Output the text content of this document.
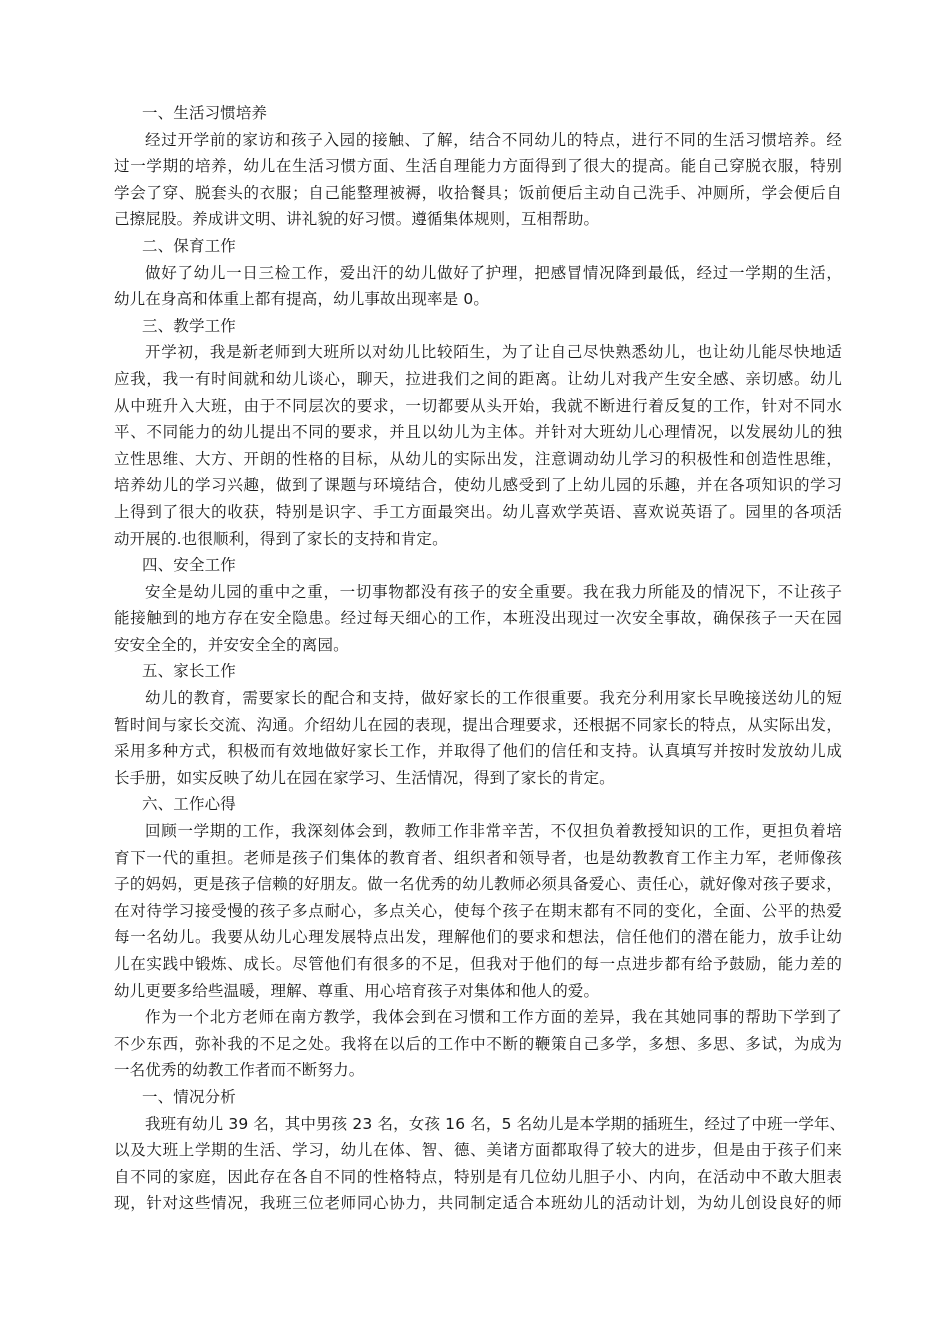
一、生活习惯培养
经过开学前的家访和孩子入园的接触、了解，结合不同幼儿的特点，进行不同的生活习惯培养。经
过一学期的培养，幼儿在生活习惯方面、生活自理能力方面得到了很大的提高。能自己穿脱衣服，特别
学会了穿、脱套头的衣服；自己能整理被褥，收拾餐具；饭前便后主动自己洗手、冲厕所，学会便后自
己擦屁股。养成讲文明、讲礼貌的好习惯。遵循集体规则，互相帮助。
二、保育工作
做好了幼儿一日三检工作，爱出汗的幼儿做好了护理，把感冒情况降到最低，经过一学期的生活，
幼儿在身高和体重上都有提高，幼儿事故出现率是 0。
三、教学工作
开学初，我是新老师到大班所以对幼儿比较陌生，为了让自己尽快熟悉幼儿，也让幼儿能尽快地适
应我，我一有时间就和幼儿谈心，聊天，拉进我们之间的距离。让幼儿对我产生安全感、亲切感。幼儿
从中班升入大班，由于不同层次的要求，一切都要从头开始，我就不断进行着反复的工作，针对不同水
平、不同能力的幼儿提出不同的要求，并且以幼儿为主体。并针对大班幼儿心理情况，以发展幼儿的独
立性思维、大方、开朗的性格的目标，从幼儿的实际出发，注意调动幼儿学习的积极性和创造性思维，
培养幼儿的学习兴趣，做到了课题与环境结合，使幼儿感受到了上幼儿园的乐趣，并在各项知识的学习
上得到了很大的收获，特别是识字、手工方面最突出。幼儿喜欢学英语、喜欢说英语了。园里的各项活
动开展的.也很顺利，得到了家长的支持和肯定。
四、安全工作
安全是幼儿园的重中之重，一切事物都没有孩子的安全重要。我在我力所能及的情况下，不让孩子
能接触到的地方存在安全隐患。经过每天细心的工作，本班没出现过一次安全事故，确保孩子一天在园
安安全全的，并安安全全的离园。
五、家长工作
幼儿的教育，需要家长的配合和支持，做好家长的工作很重要。我充分利用家长早晚接送幼儿的短
暂时间与家长交流、沟通。介绍幼儿在园的表现，提出合理要求，还根据不同家长的特点，从实际出发，
采用多种方式，积极而有效地做好家长工作，并取得了他们的信任和支持。认真填写并按时发放幼儿成
长手册，如实反映了幼儿在园在家学习、生活情况，得到了家长的肯定。
六、工作心得
回顾一学期的工作，我深刻体会到，教师工作非常辛苦，不仅担负着教授知识的工作，更担负着培
育下一代的重担。老师是孩子们集体的教育者、组织者和领导者，也是幼教教育工作主力军，老师像孩
子的妈妈，更是孩子信赖的好朋友。做一名优秀的幼儿教师必须具备爱心、责任心，就好像对孩子要求，
在对待学习接受慢的孩子多点耐心，多点关心，使每个孩子在期末都有不同的变化，全面、公平的热爱
每一名幼儿。我要从幼儿心理发展特点出发，理解他们的要求和想法，信任他们的潜在能力，放手让幼
儿在实践中锻炼、成长。尽管他们有很多的不足，但我对于他们的每一点进步都有给予鼓励，能力差的
幼儿更要多给些温暖，理解、尊重、用心培育孩子对集体和他人的爱。
作为一个北方老师在南方教学，我体会到在习惯和工作方面的差异，我在其她同事的帮助下学到了
不少东西，弥补我的不足之处。我将在以后的工作中不断的鞭策自己多学，多想、多思、多试，为成为
一名优秀的幼教工作者而不断努力。
一、情况分析
我班有幼儿 39 名，其中男孩 23 名，女孩 16 名，5 名幼儿是本学期的插班生，经过了中班一学年、
以及大班上学期的生活、学习，幼儿在体、智、德、美诸方面都取得了较大的进步，但是由于孩子们来
自不同的家庭，因此存在各自不同的性格特点，特别是有几位幼儿胆子小、内向，在活动中不敢大胆表
现，针对这些情况，我班三位老师同心协力，共同制定适合本班幼儿的活动计划，为幼儿创设良好的师
